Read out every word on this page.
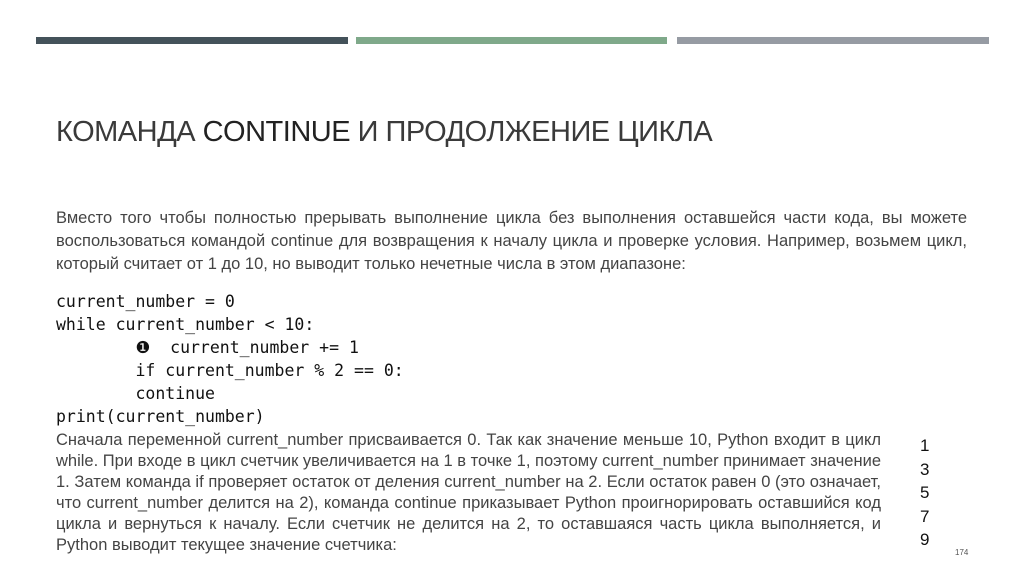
КОМАНДА CONTINUE И ПРОДОЛЖЕНИЕ ЦИКЛА
Вместо того чтобы полностью прерывать выполнение цикла без выполнения оставшейся части кода, вы можете воспользоваться командой continue для возвращения к началу цикла и проверке условия. Например, возьмем цикл, который считает от 1 до 10, но выводит только нечетные числа в этом диапазоне:
current_number = 0
while current_number < 10:
❶  current_number += 1
if current_number % 2 == 0:
continue
print(current_number)
Сначала переменной current_number присваивается 0. Так как значение меньше 10, Python входит в цикл while. При входе в цикл счетчик увеличивается на 1 в точке 1, поэтому current_number принимает значение 1. Затем команда if проверяет остаток от деления current_number на 2. Если остаток равен 0 (это означает, что current_number делится на 2), команда continue приказывает Python проигнорировать оставшийся код цикла и вернуться к началу. Если счетчик не делится на 2, то оставшаяся часть цикла выполняется, и Python выводит текущее значение счетчика:
1
3
5
7
9
174
